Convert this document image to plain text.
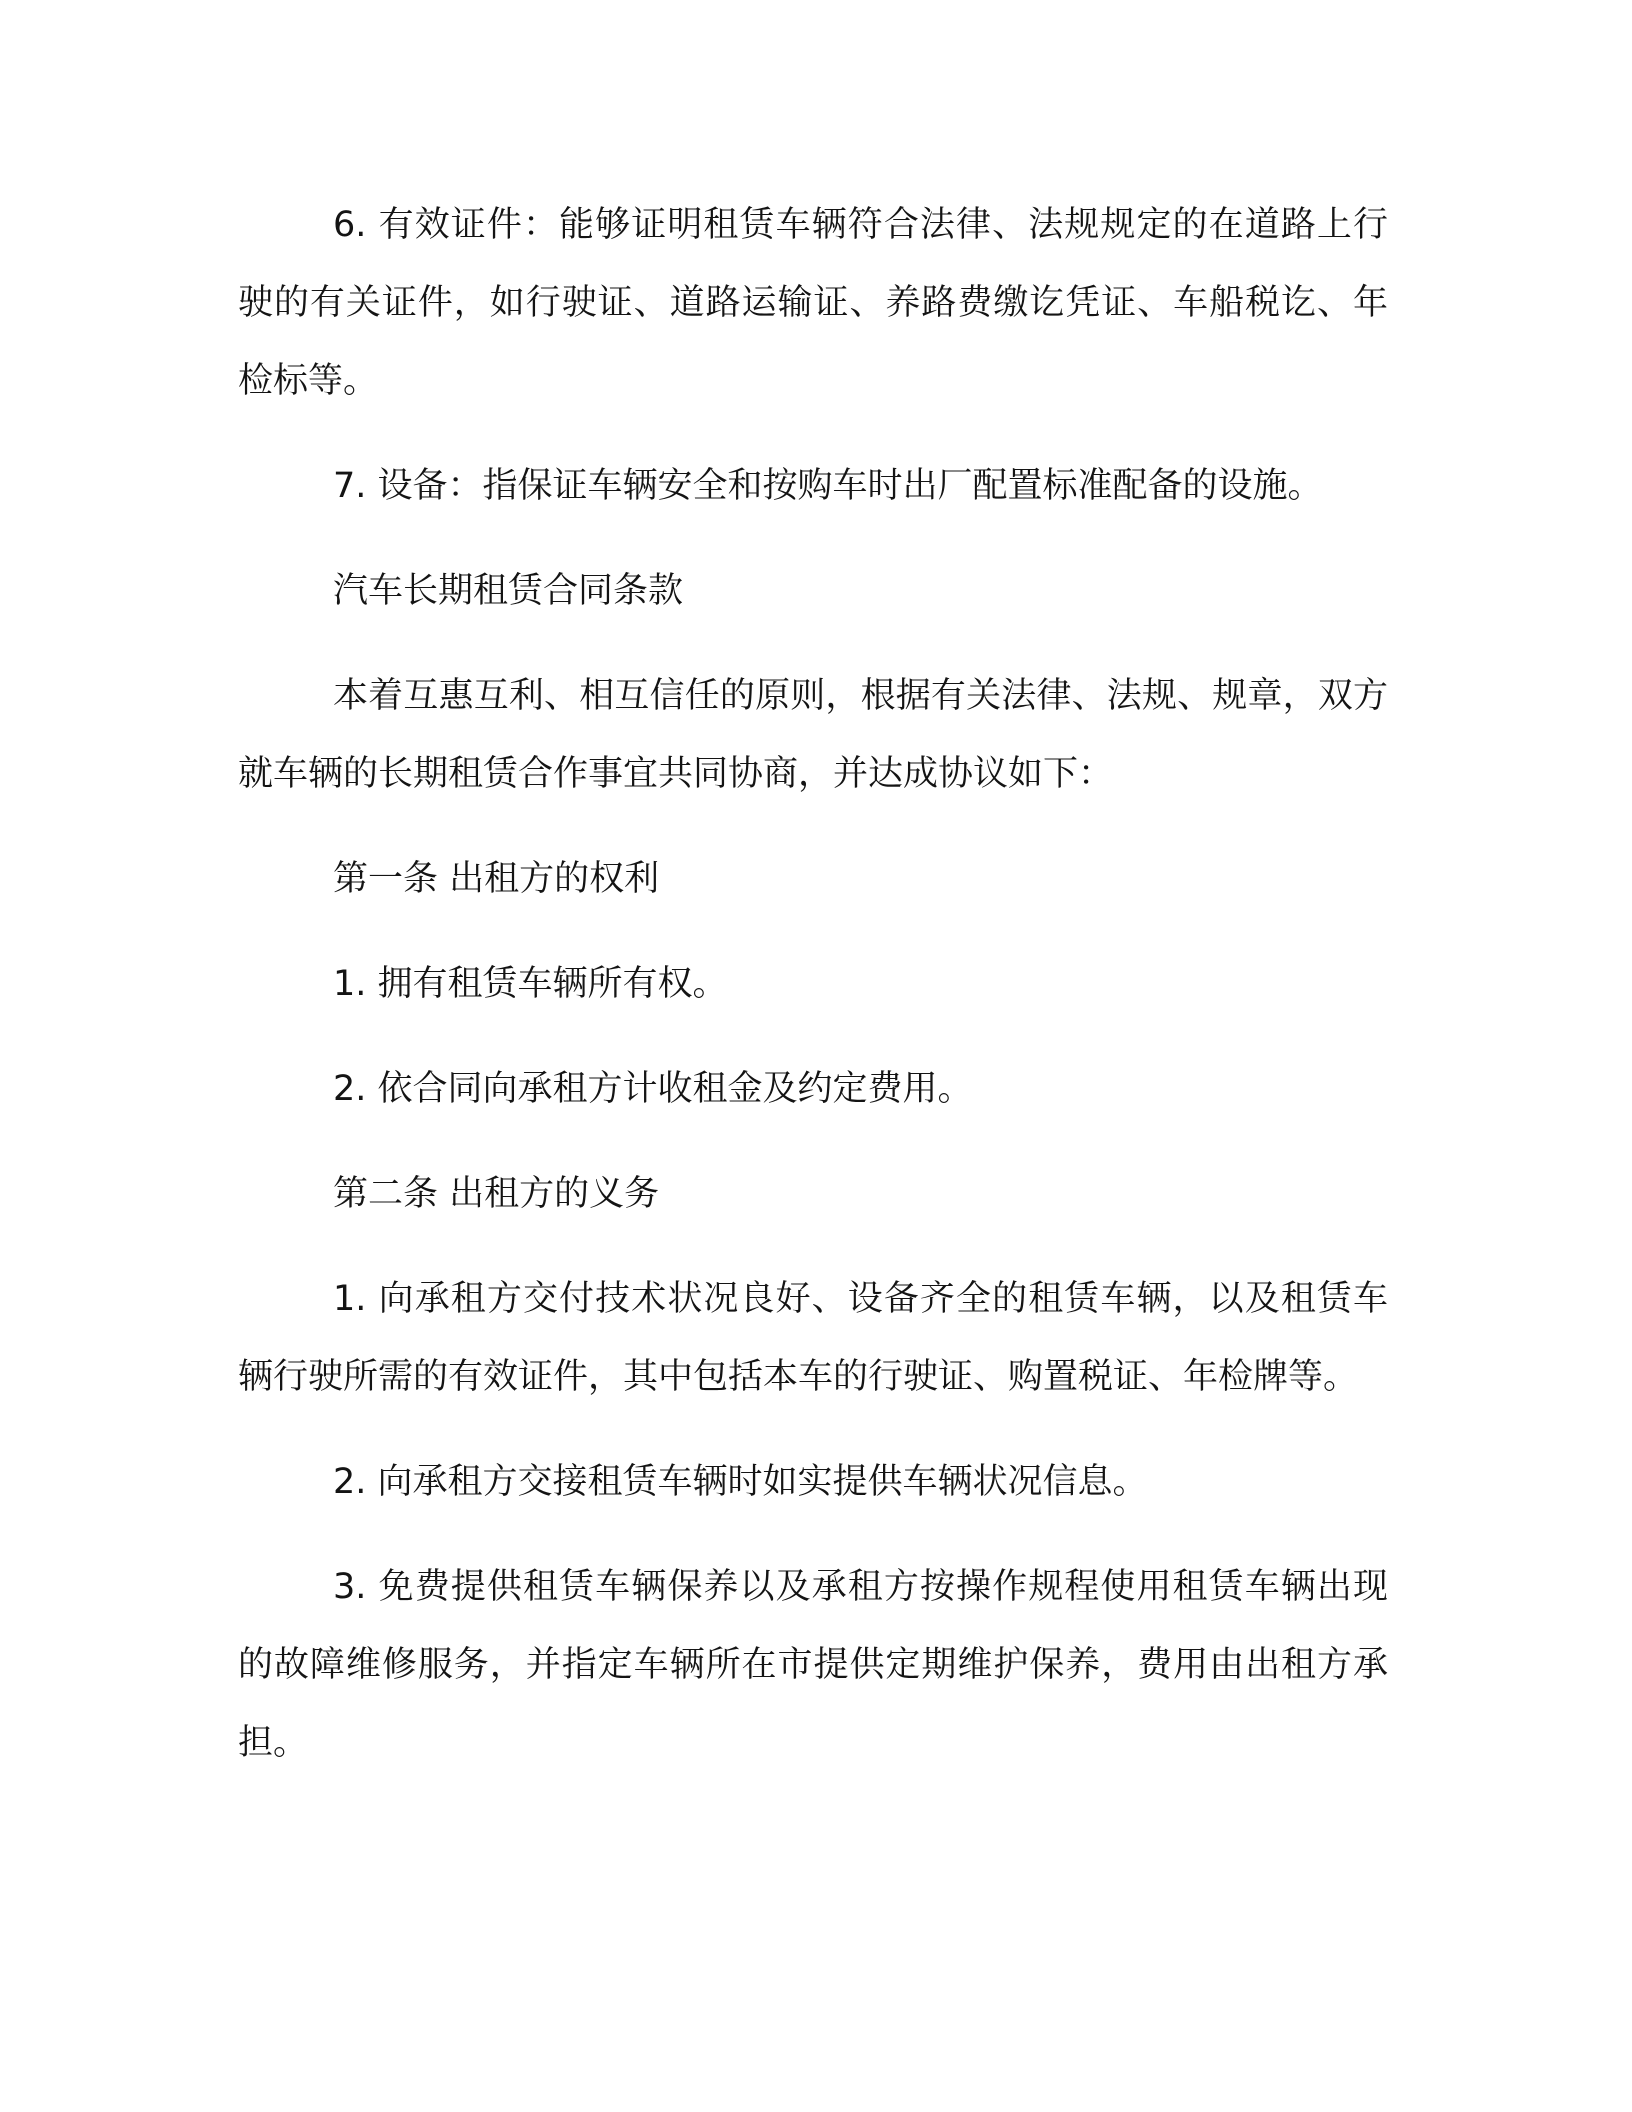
6. 有效证件：能够证明租赁车辆符合法律、法规规定的在道路上行驶的有关证件，如行驶证、道路运输证、养路费缴讫凭证、车船税讫、年检标等。

7. 设备：指保证车辆安全和按购车时出厂配置标准配备的设施。

汽车长期租赁合同条款

本着互惠互利、相互信任的原则，根据有关法律、法规、规章，双方就车辆的长期租赁合作事宜共同协商，并达成协议如下：

第一条 出租方的权利

1. 拥有租赁车辆所有权。

2. 依合同向承租方计收租金及约定费用。

第二条 出租方的义务

1. 向承租方交付技术状况良好、设备齐全的租赁车辆，以及租赁车辆行驶所需的有效证件，其中包括本车的行驶证、购置税证、年检牌等。

2. 向承租方交接租赁车辆时如实提供车辆状况信息。

3. 免费提供租赁车辆保养以及承租方按操作规程使用租赁车辆出现的故障维修服务，并指定车辆所在市提供定期维护保养，费用由出租方承担。
